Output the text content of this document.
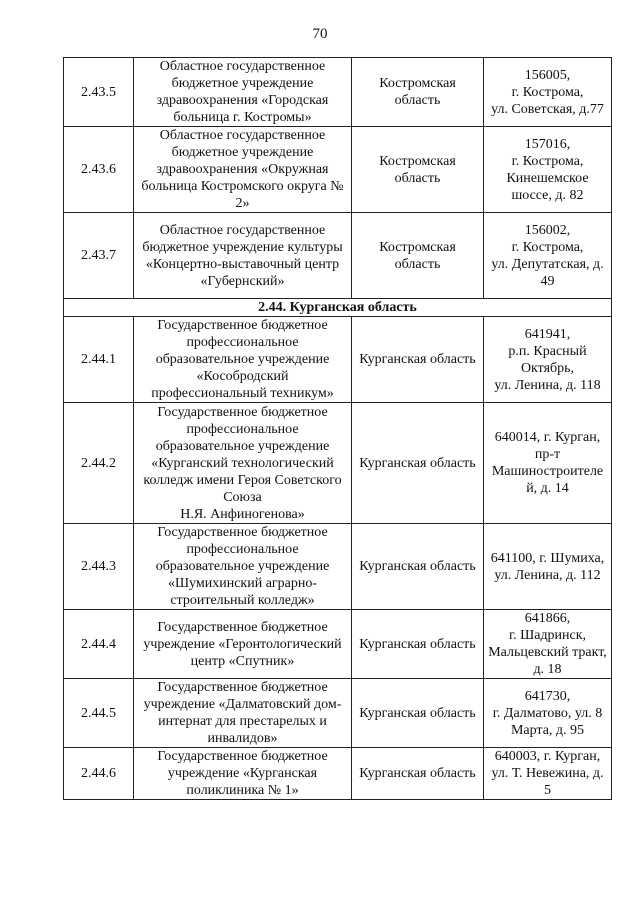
70
2.43.5	Областное государственное бюджетное учреждение здравоохранения «Городская больница г. Костромы»	Костромская область	156005,
г. Кострома,
ул. Советская, д.77
2.43.6	Областное государственное бюджетное учреждение здравоохранения «Окружная больница Костромского округа № 2»	Костромская область	157016,
г. Кострома,
Кинешемское шоссе, д. 82
2.43.7	Областное государственное бюджетное учреждение культуры «Концертно-выставочный центр «Губернский»	Костромская область	156002,
г. Кострома,
ул. Депутатская, д. 49
2.44. Курганская область			
2.44.1	Государственное бюджетное профессиональное образовательное учреждение «Кособродский профессиональный техникум»	Курганская область	641941,
р.п. Красный Октябрь,
ул. Ленина, д. 118
2.44.2	Государственное бюджетное профессиональное образовательное учреждение «Курганский технологический колледж имени Героя Советского Союза
Н.Я. Анфиногенова»	Курганская область	640014, г. Курган, пр-т Машиностроителе й, д. 14
2.44.3	Государственное бюджетное профессиональное образовательное учреждение «Шумихинский аграрно-строительный колледж»	Курганская область	641100, г. Шумиха, ул. Ленина, д. 112
2.44.4	Государственное бюджетное учреждение «Геронтологический центр «Спутник»	Курганская область	641866,
г. Шадринск, Мальцевский тракт, д. 18
2.44.5	Государственное бюджетное учреждение «Далматовский дом-интернат для престарелых и инвалидов»	Курганская область	641730,
г. Далматово, ул. 8 Марта, д. 95
2.44.6	Государственное бюджетное учреждение «Курганская поликлиника № 1»	Курганская область	640003, г. Курган, ул. Т. Невежина, д. 5
